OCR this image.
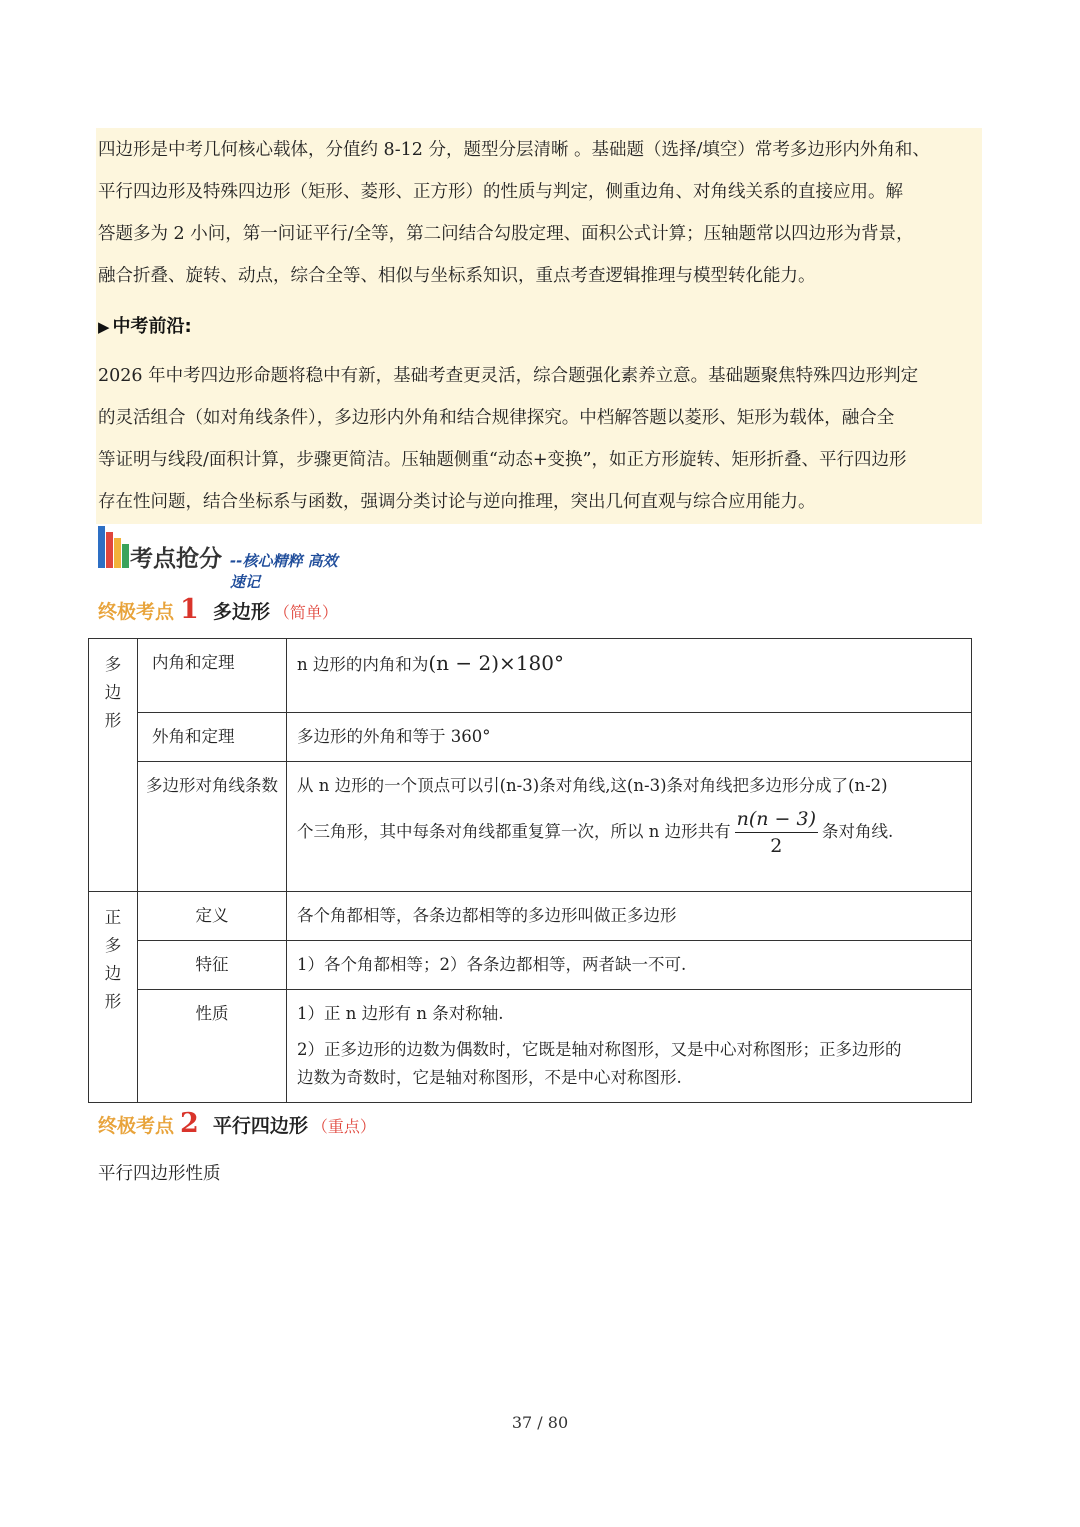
四边形是中考几何核心载体，分值约 8-12 分，题型分层清晰 。基础题（选择/填空）常考多边形内外角和、
平行四边形及特殊四边形（矩形、菱形、正方形）的性质与判定，侧重边角、对角线关系的直接应用。解
答题多为 2 小问，第一问证平行/全等，第二问结合勾股定理、面积公式计算；压轴题常以四边形为背景，
融合折叠、旋转、动点，综合全等、相似与坐标系知识，重点考查逻辑推理与模型转化能力。
▶ 中考前沿:
2026 年中考四边形命题将稳中有新，基础考查更灵活，综合题强化素养立意。基础题聚焦特殊四边形判定
的灵活组合（如对角线条件），多边形内外角和结合规律探究。中档解答题以菱形、矩形为载体，融合全
等证明与线段/面积计算，步骤更简洁。压轴题侧重“动态+变换”，如正方形旋转、矩形折叠、平行四边形
存在性问题，结合坐标系与函数，强调分类讨论与逆向推理，突出几何直观与综合应用能力。
考点抢分 --核心精粹 高效速记
终极考点 1 多边形 （简单）
多边形	内角和定理	n 边形的内角和为(n − 2)×180°
	外角和定理	多边形的外角和等于 360°
	多边形对角线条数	从 n 边形的一个顶点可以引(n-3)条对角线,这(n-3)条对角线把多边形分成了(n-2)
个三角形，其中每条对角线都重复算一次，所以 n 边形共有 $\frac{n(n - 3)}{2}$ 条对角线.

正多边形	定义	各个角都相等，各条边都相等的多边形叫做正多边形
	特征	1）各个角都相等；2）各条边都相等，两者缺一不可.
	性质	1）正 n 边形有 n 条对称轴.
2）正多边形的边数为偶数时，它既是轴对称图形，又是中心对称图形；正多边形的
边数为奇数时，它是轴对称图形，不是中心对称图形.
终极考点 2 平行四边形 （重点）
平行四边形性质
37 / 80
